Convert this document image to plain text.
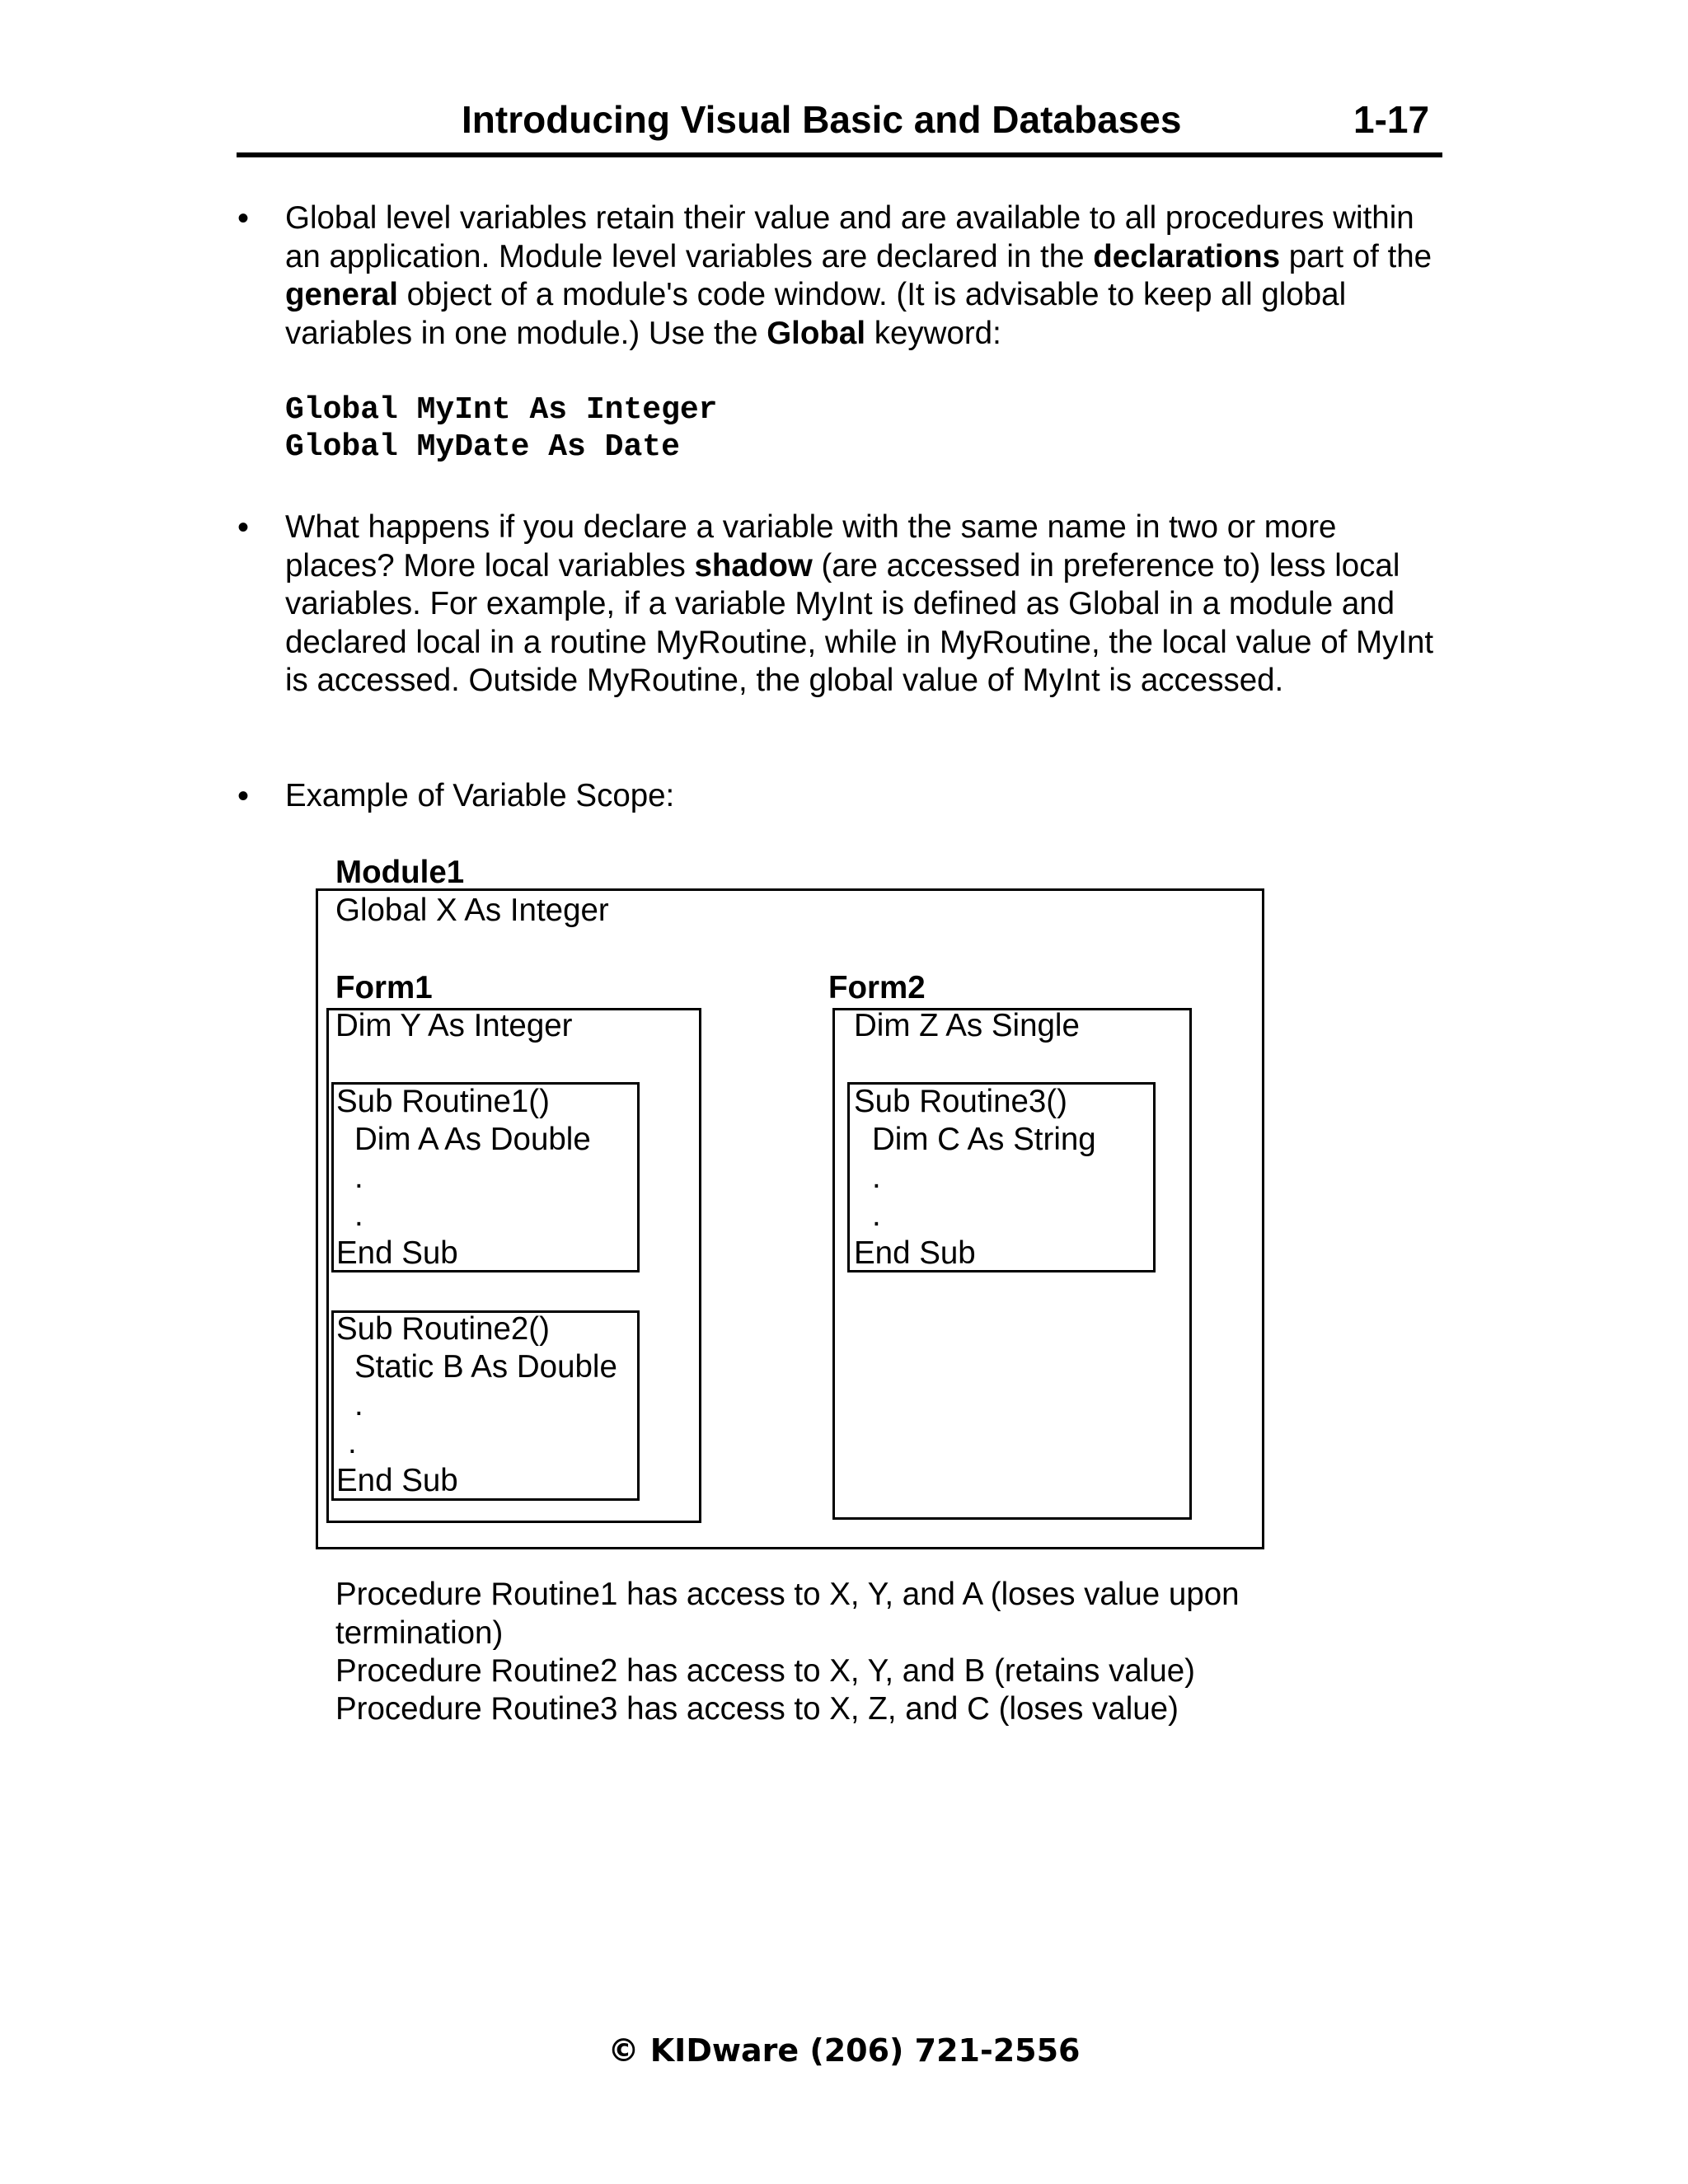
Introducing Visual Basic and Databases	1-17
• Global level variables retain their value and are available to all procedures within an application. Module level variables are declared in the declarations part of the general object of a module's code window. (It is advisable to keep all global variables in one module.) Use the Global keyword:
Global MyInt As Integer
Global MyDate As Date
• What happens if you declare a variable with the same name in two or more places? More local variables shadow (are accessed in preference to) less local variables. For example, if a variable MyInt is defined as Global in a module and declared local in a routine MyRoutine, while in MyRoutine, the local value of MyInt is accessed. Outside MyRoutine, the global value of MyInt is accessed.
• Example of Variable Scope:
Module1
Global X As Integer
Form1
Dim Y As Integer
Sub Routine1()
Dim A As Double
.
.
End Sub
Sub Routine2()
Static B As Double
.
.
End Sub
Form2
Dim Z As Single
Sub Routine3()
Dim C As String
.
.
End Sub
Procedure Routine1 has access to X, Y, and A (loses value upon termination)
Procedure Routine2 has access to X, Y, and B (retains value)
Procedure Routine3 has access to X, Z, and C (loses value)
© KIDware (206) 721-2556
